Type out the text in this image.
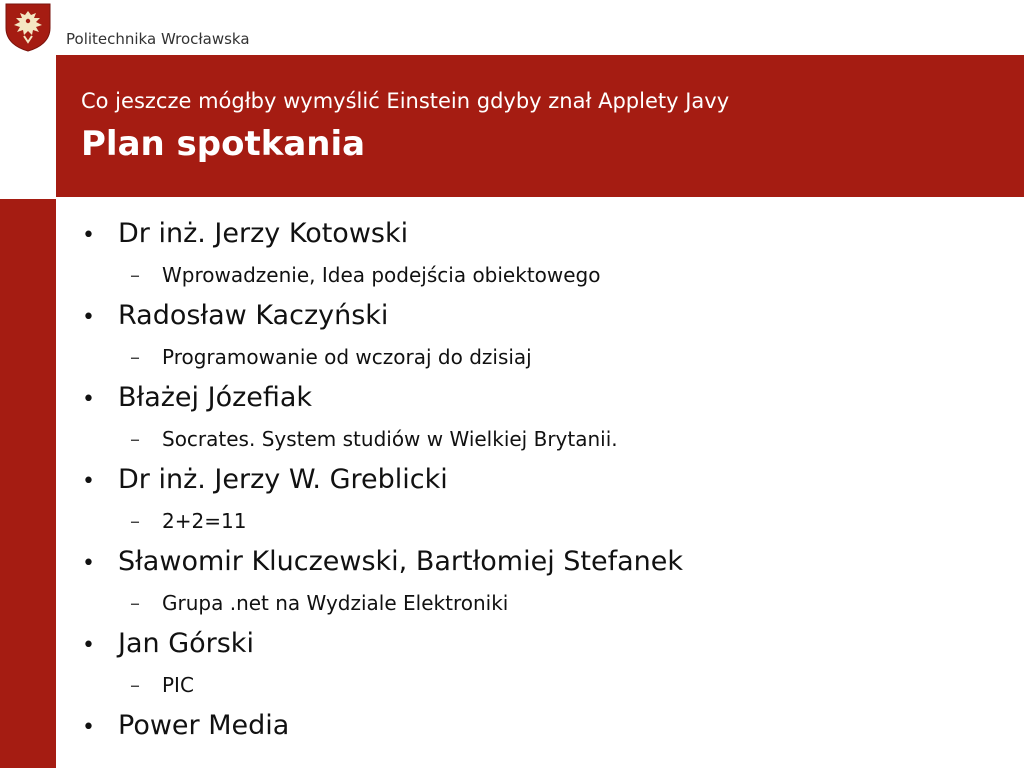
Politechnika Wrocławska
Co jeszcze mógłby wymyślić Einstein gdyby znał Applety Javy
Plan spotkania
• Dr inż. Jerzy Kotowski
–	Wprowadzenie, Idea podejścia obiektowego
• Radosław Kaczyński
–	Programowanie od wczoraj do dzisiaj
• Błażej Józefiak
–	Socrates. System studiów w Wielkiej Brytanii.
• Dr inż. Jerzy W. Greblicki
–	2+2=11
• Sławomir Kluczewski, Bartłomiej Stefanek
–	Grupa .net na Wydziale Elektroniki
• Jan Górski
–	PIC
• Power Media
